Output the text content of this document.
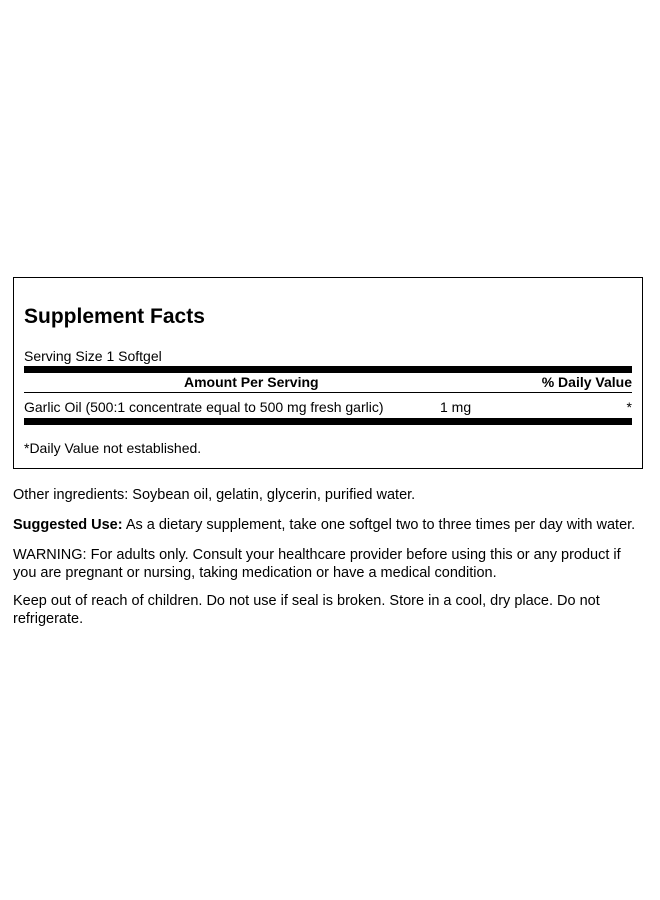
Supplement Facts
Serving Size 1 Softgel
Amount Per Serving	% Daily Value
Garlic Oil (500:1 concentrate equal to 500 mg fresh garlic)	1 mg	*
*Daily Value not established.

Other ingredients: Soybean oil, gelatin, glycerin, purified water.

Suggested Use: As a dietary supplement, take one softgel two to three times per day with water.

WARNING: For adults only. Consult your healthcare provider before using this or any product if you are pregnant or nursing, taking medication or have a medical condition.

Keep out of reach of children. Do not use if seal is broken. Store in a cool, dry place. Do not refrigerate.
